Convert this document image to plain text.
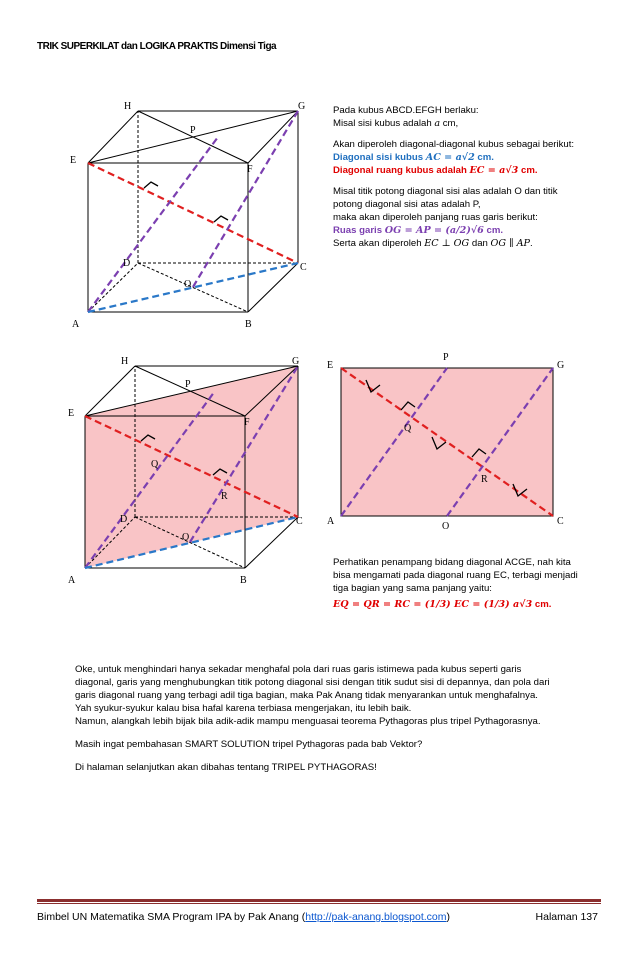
TRIK SUPERKILAT dan LOGIKA PRAKTIS Dimensi Tiga
H	G
P
E
F
D	C
O
A	B
Pada kubus ABCD.EFGH berlaku:
Misal sisi kubus adalah a cm,
Akan diperoleh diagonal-diagonal kubus sebagai berikut:
Diagonal sisi kubus AC = a√2 cm.
Diagonal ruang kubus adalah EC = a√3 cm.
Misal titik potong diagonal sisi alas adalah O dan titik
potong diagonal sisi atas adalah P,
maka akan diperoleh panjang ruas garis berikut:
Ruas garis OG = AP = (a/2)√6 cm.
Serta akan diperoleh EC ⊥ OG dan OG ∥ AP.
H	G
P
E
F
Q
R
D	C
O
A	B
E
P
G
Q
R
A	O	C
Perhatikan penampang bidang diagonal ACGE, nah kita
bisa mengamati pada diagonal ruang EC, terbagi menjadi
tiga bagian yang sama panjang yaitu:
EQ = QR = RC = (1/3) EC = (1/3) a√3 cm.
Oke, untuk menghindari hanya sekadar menghafal pola dari ruas garis istimewa pada kubus seperti garis
diagonal, garis yang menghubungkan titik potong diagonal sisi dengan titik sudut sisi di depannya, dan pola dari
garis diagonal ruang yang terbagi adil tiga bagian, maka Pak Anang tidak menyarankan untuk menghafalnya.
Yah syukur-syukur kalau bisa hafal karena terbiasa mengerjakan, itu lebih baik.
Namun, alangkah lebih bijak bila adik-adik mampu menguasai teorema Pythagoras plus tripel Pythagorasnya.
Masih ingat pembahasan SMART SOLUTION tripel Pythagoras pada bab Vektor?
Di halaman selanjutkan akan dibahas tentang TRIPEL PYTHAGORAS!
Bimbel UN Matematika SMA Program IPA by Pak Anang (http://pak-anang.blogspot.com)	Halaman 137
